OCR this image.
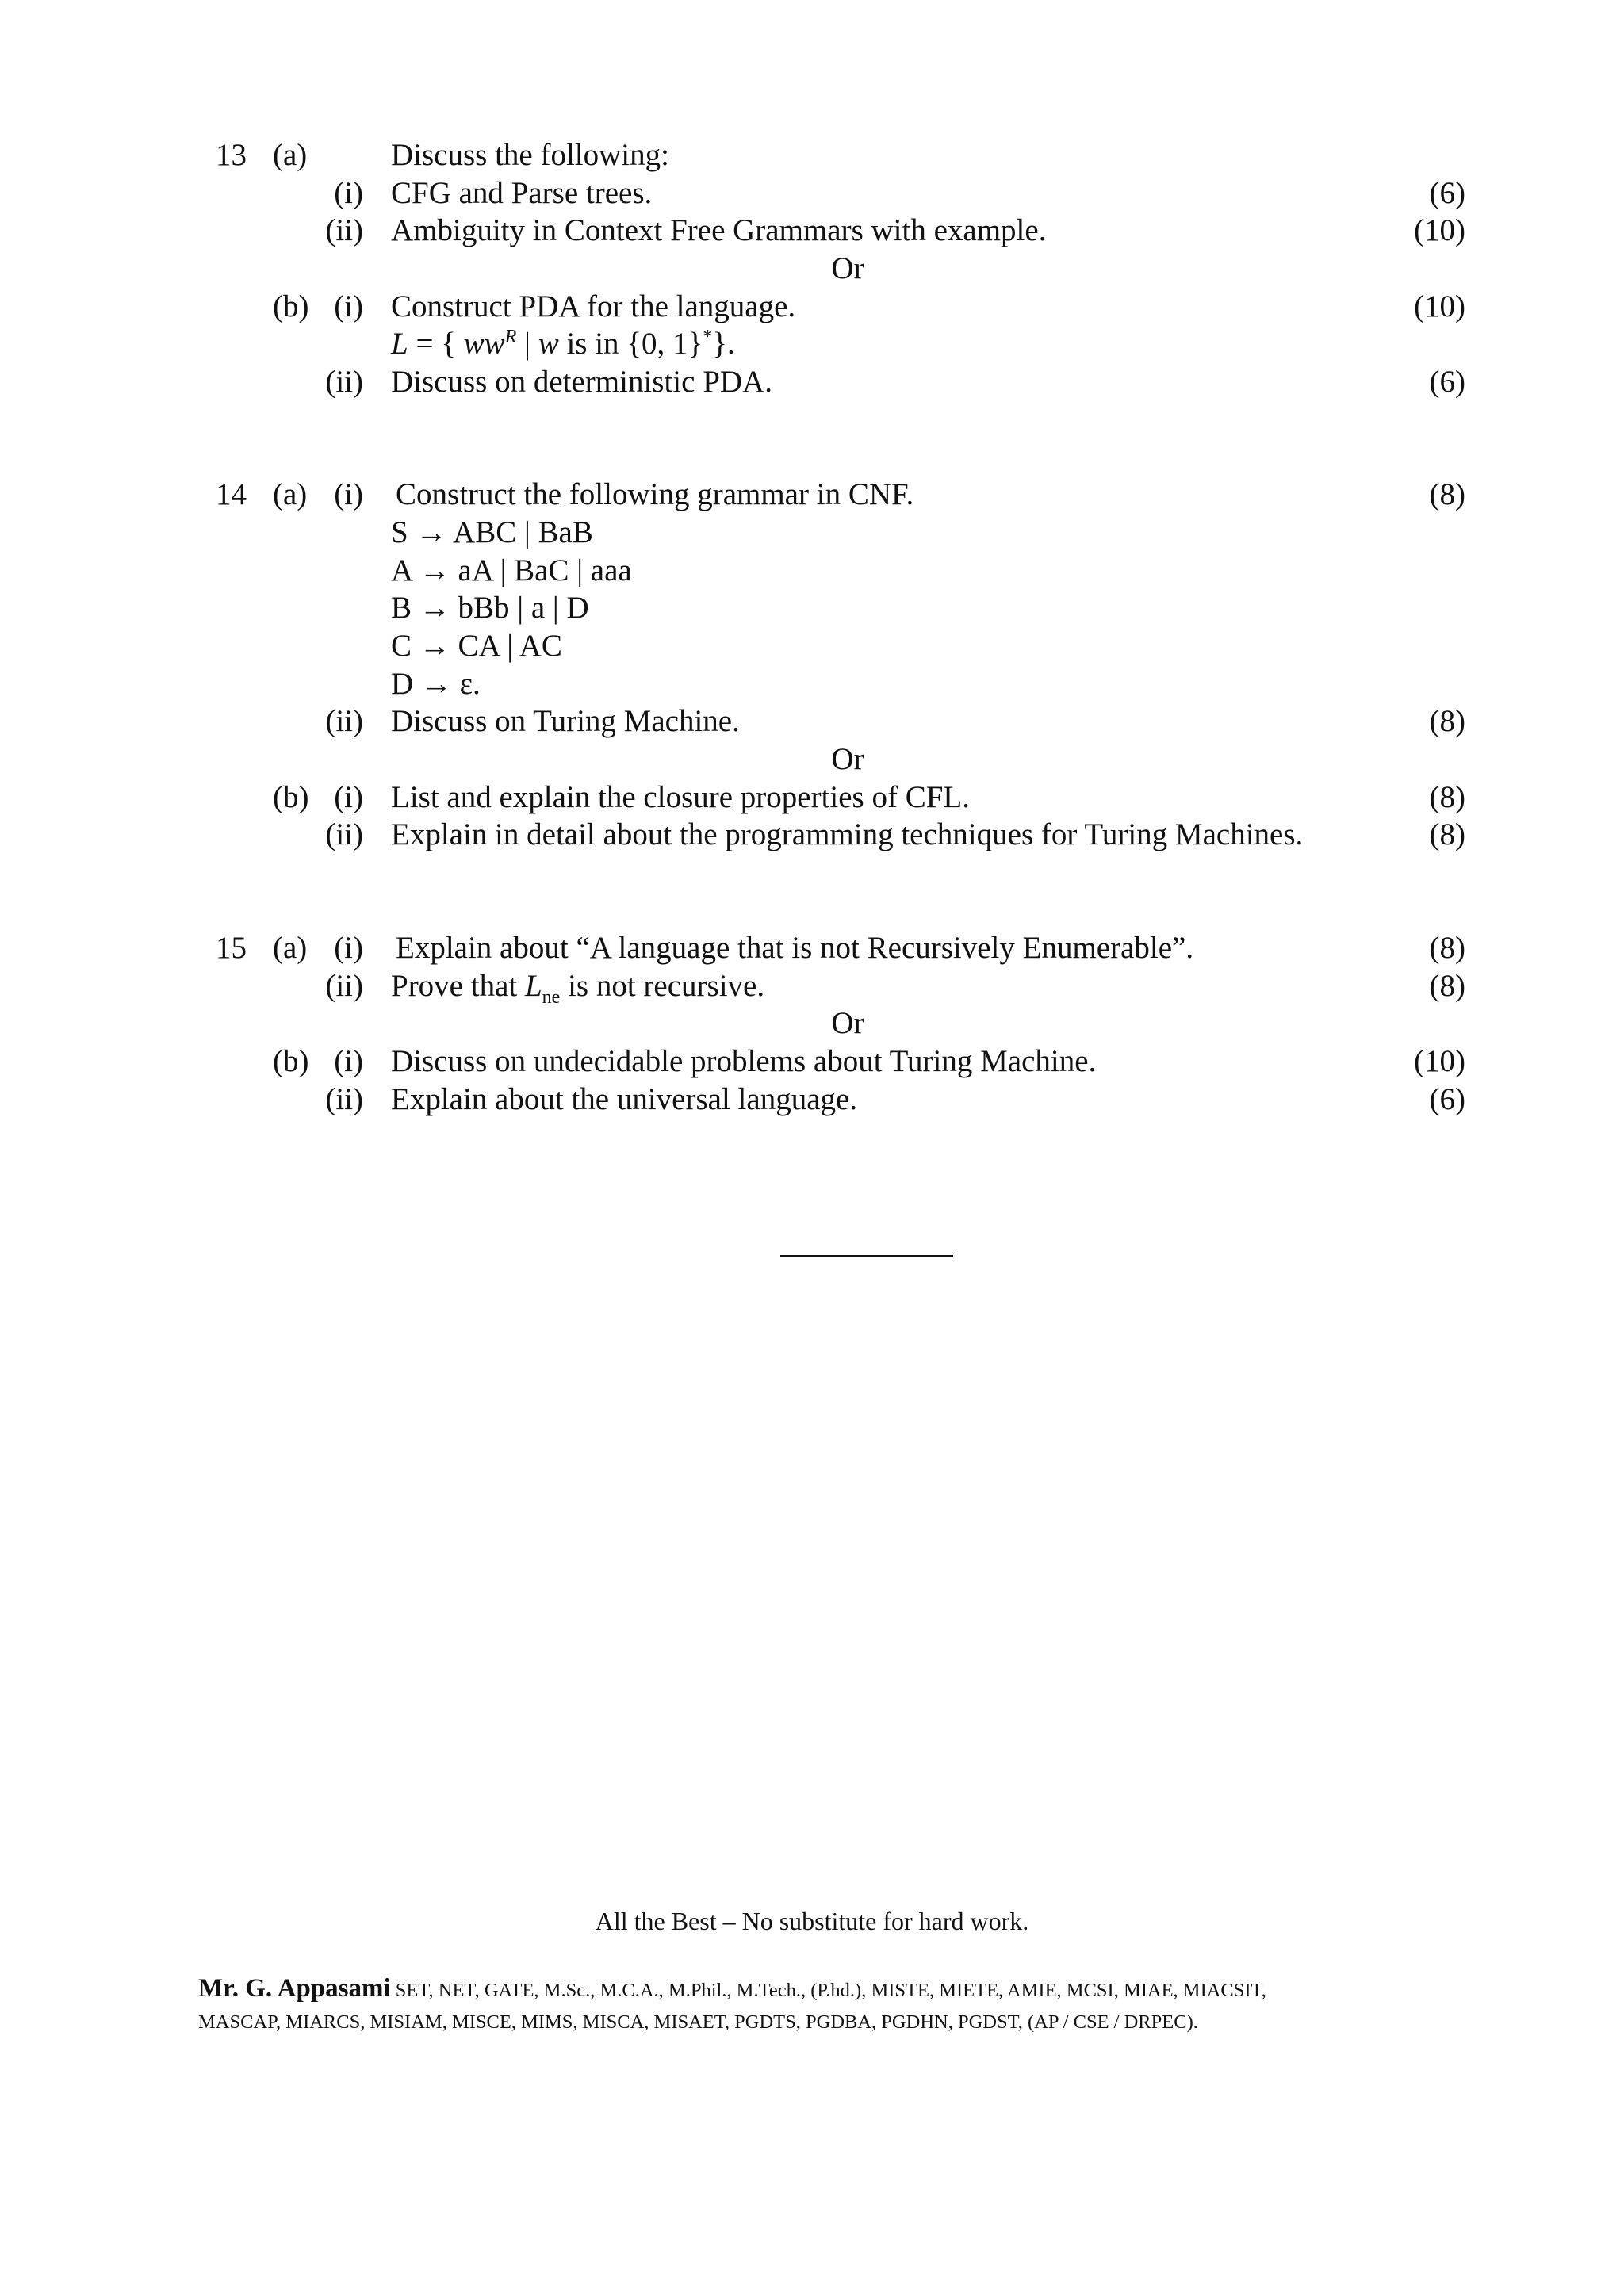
13 (a)	Discuss the following:
(i) CFG and Parse trees.	(6)
(ii) Ambiguity in Context Free Grammars with example.	(10)
Or
(b) (i) Construct PDA for the language.	(10)
L = { $ww^R$ | w is in {0, 1}*}.
(ii) Discuss on deterministic PDA.	(6)
14 (a) (i) Construct the following grammar in CNF.	(8)
S → ABC | BaB
A → aA | BaC | aaa
B → bBb | a | D
C → CA | AC
D → ε.
(ii) Discuss on Turing Machine.	(8)
Or
(b) (i) List and explain the closure properties of CFL.	(8)
(ii) Explain in detail about the programming techniques for Turing Machines.	(8)
15 (a) (i) Explain about “A language that is not Recursively Enumerable”.	(8)
(ii) Prove that $L_{ne}$ is not recursive.	(8)
Or
(b) (i) Discuss on undecidable problems about Turing Machine.	(10)
(ii) Explain about the universal language.	(6)
All the Best – No substitute for hard work.
Mr. G. Appasami SET, NET, GATE, M.Sc., M.C.A., M.Phil., M.Tech., (P.hd.), MISTE, MIETE, AMIE, MCSI, MIAE, MIACSIT,
MASCAP, MIARCS, MISIAM, MISCE, MIMS, MISCA, MISAET, PGDTS, PGDBA, PGDHN, PGDST, (AP / CSE / DRPEC).
